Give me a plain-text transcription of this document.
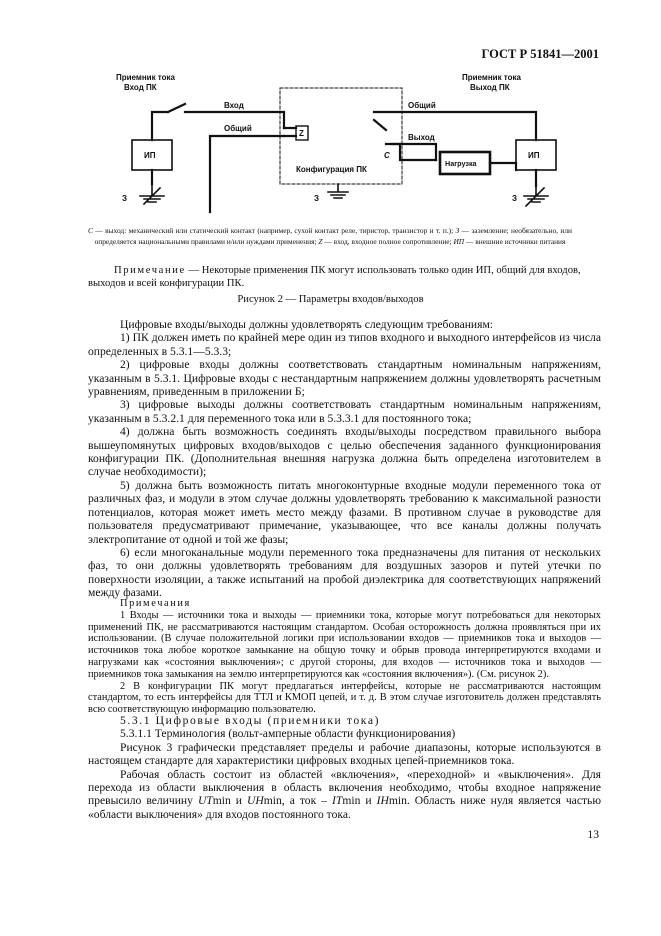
ГОСТ Р 51841—2001
Приемник тока
Вход ПК
Приемник тока
Выход ПК
ИП	ИП
Вход
Общий
Общий
Выход
Z
C
Конфигурация ПК
Нагрузка
З	З	З
C — выход: механический или статический контакт (например, сухой контакт реле, тиристор, транзистор и т. п.); З — заземление; необязательно, или определяется национальными правилами и/или нуждами применения; Z — вход, входное полное сопротивление; ИП — внешние источники питания
Примечание — Некоторые применения ПК могут использовать только один ИП, общий для входов, выходов и всей конфигурации ПК.
Рисунок 2 — Параметры входов/выходов

Цифровые входы/выходы должны удовлетворять следующим требованиям:

1) ПК должен иметь по крайней мере один из типов входного и выходного интерфейсов из числа определенных в 5.3.1—5.3.3;

2) цифровые входы должны соответствовать стандартным номинальным напряжениям, указанным в 5.3.1. Цифровые входы с нестандартным напряжением должны удовлетворять расчетным уравнениям, приведенным в приложении Б;

3) цифровые выходы должны соответствовать стандартным номинальным напряжениям, указанным в 5.3.2.1 для переменного тока или в 5.3.3.1 для постоянного тока;

4) должна быть возможность соединять входы/выходы посредством правильного выбора вышеупомянутых цифровых входов/выходов с целью обеспечения заданного функционирования конфигурации ПК. (Дополнительная внешняя нагрузка должна быть определена изготовителем в случае необходимости);

5) должна быть возможность питать многоконтурные входные модули переменного тока от различных фаз, и модули в этом случае должны удовлетворять требованию к максимальной разности потенциалов, которая может иметь место между фазами. В противном случае в руководстве для пользователя предусматривают примечание, указывающее, что все каналы должны получать электропитание от одной и той же фазы;

6) если многоканальные модули переменного тока предназначены для питания от нескольких фаз, то они должны удовлетворять требованиям для воздушных зазоров и путей утечки по поверхности изоляции, а также испытаний на пробой диэлектрика для соответствующих напряжений между фазами.

Примечания

1 Входы — источники тока и выходы — приемники тока, которые могут потребоваться для некоторых применений ПК, не рассматриваются настоящим стандартом. Особая осторожность должна проявляться при их использовании. (В случае положительной логики при использовании входов — приемников тока и выходов — источников тока любое короткое замыкание на общую точку и обрыв провода интерпретируются входами и нагрузками как «состояния выключения»; с другой стороны, для входов — источников тока и выходов — приемников тока замыкания на землю интерпретируются как «состояния включения»). (См. рисунок 2).

2 В конфигурации ПК могут предлагаться интерфейсы, которые не рассматриваются настоящим стандартом, то есть интерфейсы для ТТЛ и КМОП цепей, и т. д. В этом случае изготовитель должен представлять всю соответствующую информацию пользователю.

5.3.1 Цифровые входы (приемники тока)

5.3.1.1 Терминология (вольт-амперные области функционирования)

Рисунок 3 графически представляет пределы и рабочие диапазоны, которые используются в настоящем стандарте для характеристики цифровых входных цепей-приемников тока.

Рабочая область состоит из областей «включения», «переходной» и «выключения». Для перехода из области выключения в область включения необходимо, чтобы входное напряжение превысило величину UTmin и UHmin, а ток – ITmin и IHmin. Область ниже нуля является частью «области выключения» для входов постоянного тока.

13
